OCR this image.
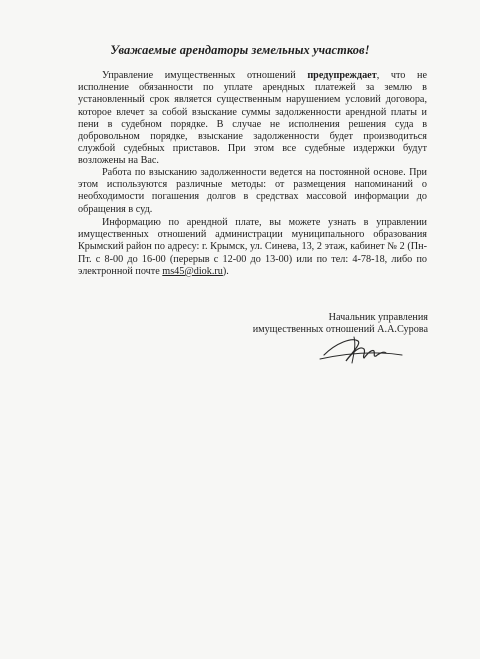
Уважаемые арендаторы земельных участков!

Управление имущественных отношений предупреждает, что не исполнение обязанности по уплате арендных платежей за землю в установленный срок является существенным нарушением условий договора, которое влечет за собой взыскание суммы задолженности арендной платы и пени в судебном порядке. В случае не исполнения решения суда в добровольном порядке, взыскание задолженности будет производиться службой судебных приставов. При этом все судебные издержки будут возложены на Вас.

Работа по взысканию задолженности ведется на постоянной основе. При этом используются различные методы: от размещения напоминаний о необходимости погашения долгов в средствах массовой информации до обращения в суд.

Информацию по арендной плате, вы можете узнать в управлении имущественных отношений администрации муниципального образования Крымский район по адресу: г. Крымск, ул. Синева, 13, 2 этаж, кабинет № 2 (Пн-Пт. с 8-00 до 16-00 (перерыв с 12-00 до 13-00) или по тел: 4-78-18, либо по электронной почте ms45@diok.ru).

Начальник управления
имущественных отношений А.А.Сурова
